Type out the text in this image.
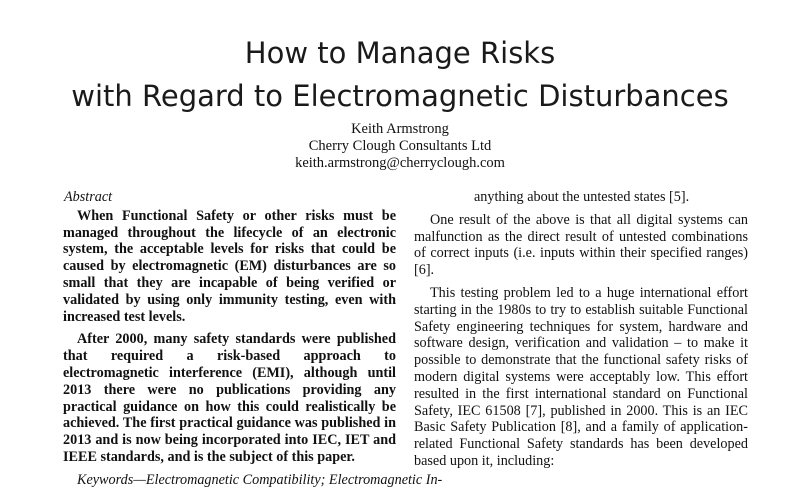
How to Manage Risks
with Regard to Electromagnetic Disturbances
Keith Armstrong
Cherry Clough Consultants Ltd
keith.armstrong@cherryclough.com
Abstract

When Functional Safety or other risks must be managed throughout the lifecycle of an electronic system, the acceptable levels for risks that could be caused by electromagnetic (EM) disturbances are so small that they are incapable of being verified or validated by using only immunity testing, even with increased test levels.

After 2000, many safety standards were published that required a risk-based approach to electromagnetic interference (EMI), although until 2013 there were no publications providing any practical guidance on how this could realistically be achieved. The first practical guidance was published in 2013 and is now being incorporated into IEC, IET and IEEE standards, and is the subject of this paper.

Keywords—Electromagnetic Compatibility; Electromagnetic In-

anything about the untested states [5].

One result of the above is that all digital systems can malfunction as the direct result of untested combinations of correct inputs (i.e. inputs within their specified ranges) [6].

This testing problem led to a huge international effort starting in the 1980s to try to establish suitable Functional Safety engineering techniques for system, hardware and software design, verification and validation – to make it possible to demonstrate that the functional safety risks of modern digital systems were acceptably low. This effort resulted in the first international standard on Functional Safety, IEC 61508 [7], published in 2000. This is an IEC Basic Safety Publication [8], and a family of application-related Functional Safety standards has been developed based upon it, including:
